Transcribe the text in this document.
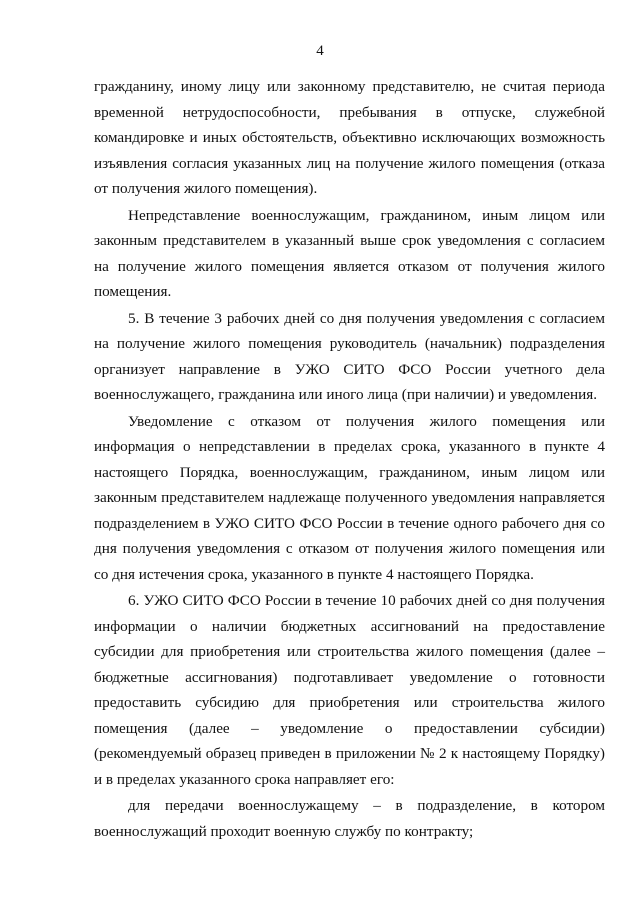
4

гражданину, иному лицу или законному представителю, не считая периода временной нетрудоспособности, пребывания в отпуске, служебной командировке и иных обстоятельств, объективно исключающих возможность изъявления согласия указанных лиц на получение жилого помещения (отказа от получения жилого помещения).

Непредставление военнослужащим, гражданином, иным лицом или законным представителем в указанный выше срок уведомления с согласием на получение жилого помещения является отказом от получения жилого помещения.

5. В течение 3 рабочих дней со дня получения уведомления с согласием на получение жилого помещения руководитель (начальник) подразделения организует направление в УЖО СИТО ФСО России учетного дела военнослужащего, гражданина или иного лица (при наличии) и уведомления.

Уведомление с отказом от получения жилого помещения или информация о непредставлении в пределах срока, указанного в пункте 4 настоящего Порядка, военнослужащим, гражданином, иным лицом или законным представителем надлежаще полученного уведомления направляется подразделением в УЖО СИТО ФСО России в течение одного рабочего дня со дня получения уведомления с отказом от получения жилого помещения или со дня истечения срока, указанного в пункте 4 настоящего Порядка.

6. УЖО СИТО ФСО России в течение 10 рабочих дней со дня получения информации о наличии бюджетных ассигнований на предоставление субсидии для приобретения или строительства жилого помещения (далее – бюджетные ассигнования) подготавливает уведомление о готовности предоставить субсидию для приобретения или строительства жилого помещения (далее – уведомление о предоставлении субсидии) (рекомендуемый образец приведен в приложении № 2 к настоящему Порядку) и в пределах указанного срока направляет его:

для передачи военнослужащему – в подразделение, в котором военнослужащий проходит военную службу по контракту;
